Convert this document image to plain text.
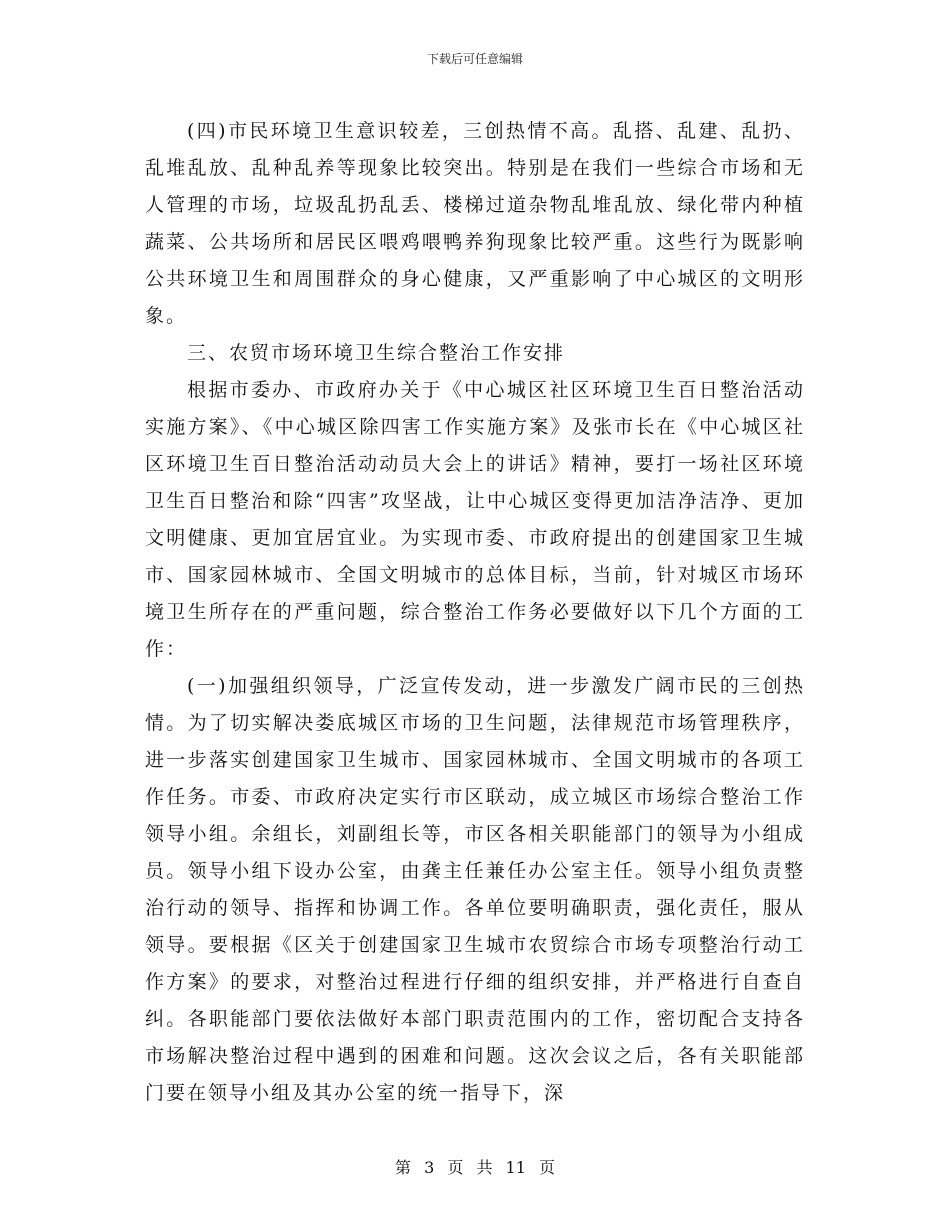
下载后可任意编辑

(四)市民环境卫生意识较差，三创热情不高。乱搭、乱建、乱扔、乱堆乱放、乱种乱养等现象比较突出。特别是在我们一些综合市场和无人管理的市场，垃圾乱扔乱丢、楼梯过道杂物乱堆乱放、绿化带内种植蔬菜、公共场所和居民区喂鸡喂鸭养狗现象比较严重。这些行为既影响公共环境卫生和周围群众的身心健康，又严重影响了中心城区的文明形象。

三、农贸市场环境卫生综合整治工作安排

根据市委办、市政府办关于《中心城区社区环境卫生百日整治活动实施方案》、《中心城区除四害工作实施方案》及张市长在《中心城区社区环境卫生百日整治活动动员大会上的讲话》精神，要打一场社区环境卫生百日整治和除“四害”攻坚战，让中心城区变得更加洁净洁净、更加文明健康、更加宜居宜业。为实现市委、市政府提出的创建国家卫生城市、国家园林城市、全国文明城市的总体目标，当前，针对城区市场环境卫生所存在的严重问题，综合整治工作务必要做好以下几个方面的工作：

(一)加强组织领导，广泛宣传发动，进一步激发广阔市民的三创热情。为了切实解决娄底城区市场的卫生问题，法律规范市场管理秩序，进一步落实创建国家卫生城市、国家园林城市、全国文明城市的各项工作任务。市委、市政府决定实行市区联动，成立城区市场综合整治工作领导小组。余组长，刘副组长等，市区各相关职能部门的领导为小组成员。领导小组下设办公室，由龚主任兼任办公室主任。领导小组负责整治行动的领导、指挥和协调工作。各单位要明确职责，强化责任，服从领导。要根据《区关于创建国家卫生城市农贸综合市场专项整治行动工作方案》的要求，对整治过程进行仔细的组织安排，并严格进行自查自纠。各职能部门要依法做好本部门职责范围内的工作，密切配合支持各市场解决整治过程中遇到的困难和问题。这次会议之后，各有关职能部门要在领导小组及其办公室的统一指导下，深

第 3 页 共 11 页
